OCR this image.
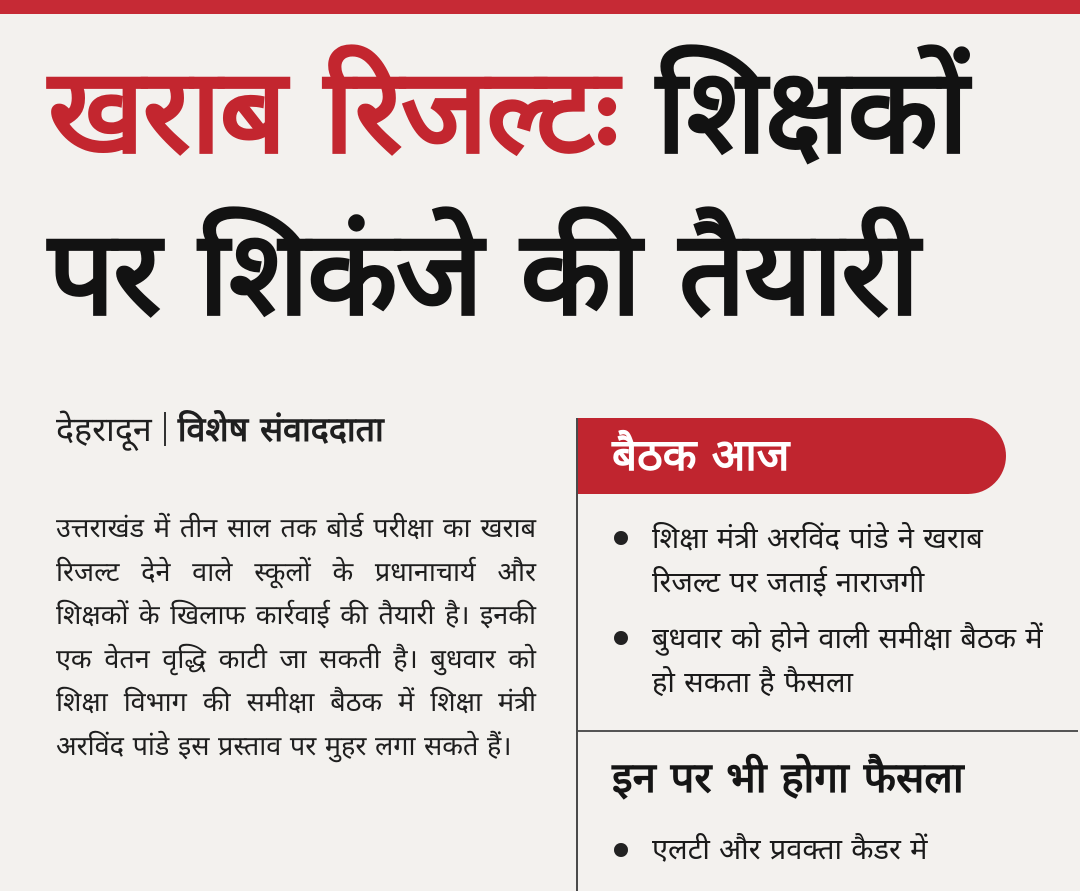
खराब रिजल्टः शिक्षकों
पर शिकंजे की तैयारी
देहरादून विशेष संवाददाता

उत्तराखंड में तीन साल तक बोर्ड परीक्षा का खराब रिजल्ट देने वाले स्कूलों के प्रधानाचार्य और शिक्षकों के खिलाफ कार्रवाई की तैयारी है। इनकी एक वेतन वृद्धि काटी जा सकती है। बुधवार को शिक्षा विभाग की समीक्षा बैठक में शिक्षा मंत्री अरविंद पांडे इस प्रस्ताव पर मुहर लगा सकते हैं।

बैठक आज
शिक्षा मंत्री अरविंद पांडे ने खराब रिजल्ट पर जताई नाराजगी
बुधवार को होने वाली समीक्षा बैठक में हो सकता है फैसला
इन पर भी होगा फैसला
एलटी और प्रवक्ता कैडर में
